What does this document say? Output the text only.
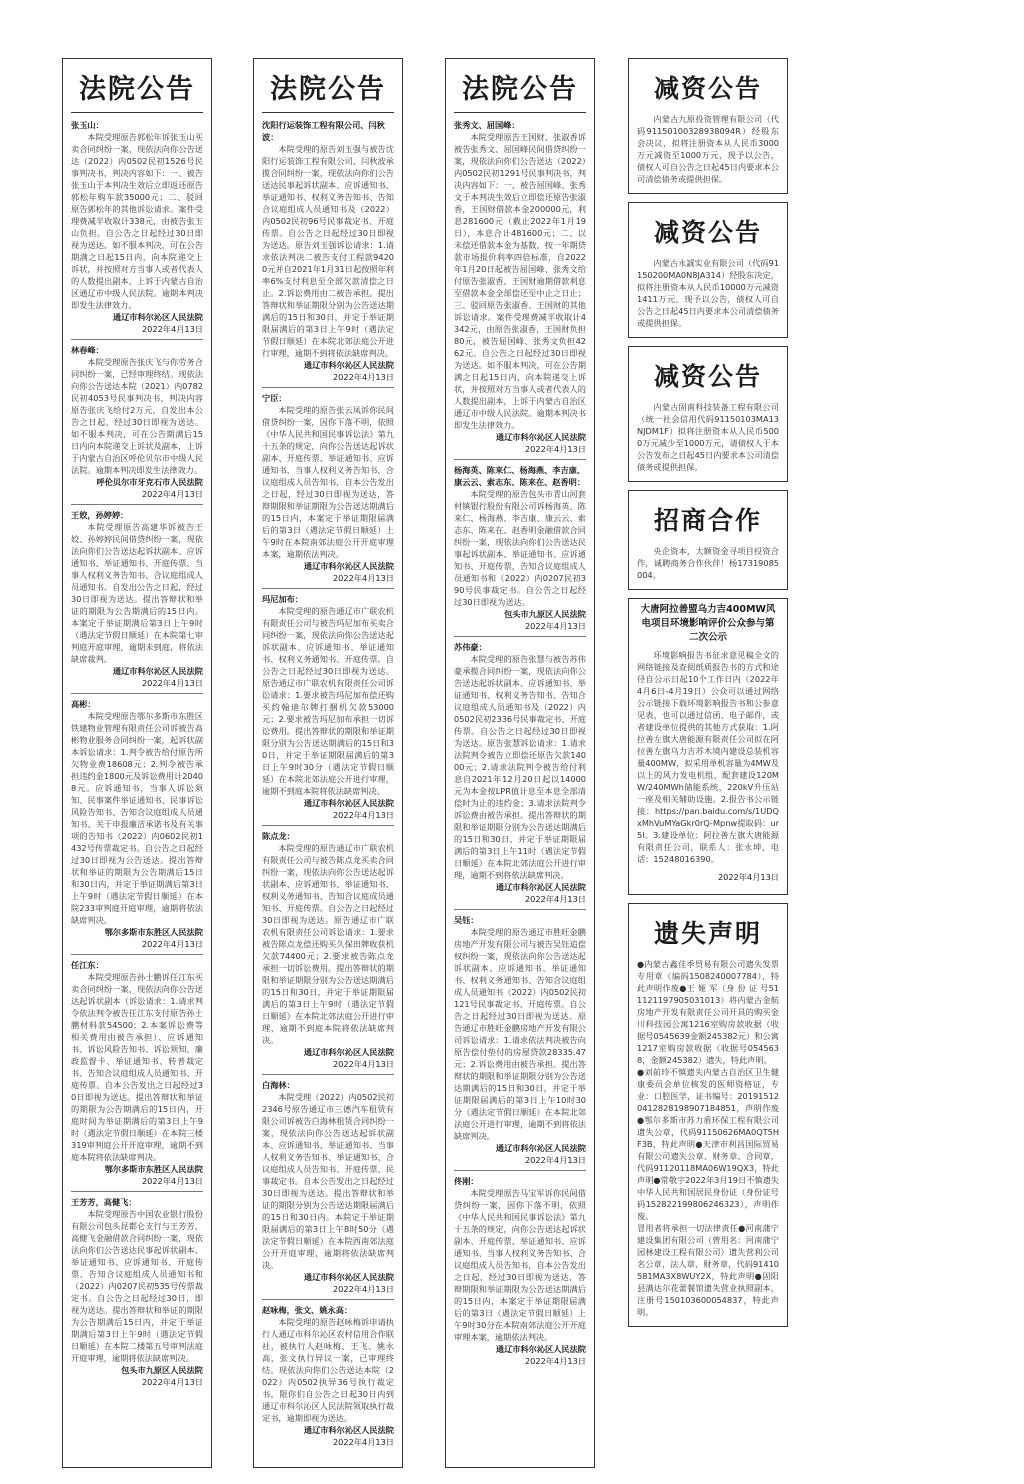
法院公告
张玉山：
本院受理原告郭松年诉张玉山买卖合同纠纷一案，现依法向你公告送达（2022）内0502民初1526号民事判决书，判决内容如下：一、被告张玉山于本判决生效后立即返还原告郭松年购车款35000元；二、驳回原告郭松年的其他诉讼请求。案件受理费减半收取计338元，由被告张玉山负担。自公告之日起经过30日即视为送达。如不服本判决，可在公告期满之日起15日内，向本院递交上诉状，并按照对方当事人或者代表人的人数提出副本，上诉于内蒙古自治区通辽市中级人民法院。逾期本判决即发生法律效力。
通辽市科尔沁区人民法院
2022年4月13日
林春峰：
本院受理原告张庆飞与你劳务合同纠纷一案，已经审理终结。现依法向你公告送达本院（2021）内0782民初4053号民事判决书，判决内容原告张庆飞给付2万元，自发出本公告之日起，经过30日即视为送达。如不服本判决，可在公告期满后15日内向本院递交上诉状及副本，上诉于内蒙古自治区呼伦贝尔市中级人民法院。逾期本判决即发生法律效力。
呼伦贝尔市牙克石市人民法院
2022年4月13日
王姣，孙婷婷：
本院受理原告高建华诉被告王姣、孙婷婷民间借贷纠纷一案，现依法向你们公告送达起诉状副本、应诉通知书、举证通知书、开庭传票、当事人权利义务告知书、合议庭组成人员通知书。自发出公告之日起，经过30日即视为送达。提出答辩状和举证的期限为公告期满后的15日内。本案定于举证期满后第3日上午9时（遇法定节假日顺延）在本院第七审判庭开庭审理，逾期未到庭，将依法缺席裁判。
通辽市科尔沁区人民法院
2022年4月13日
高彬：
本院受理原告鄂尔多斯市东胜区铁建物业管理有限责任公司诉被告高彬物业服务合同纠纷一案，起诉状副本诉讼请求：1.判令被告给付原告所欠物业费18608元；2.判令被告承担违约金1800元及诉讼费用计20408元。应诉通知书，当事人诉讼须知、民事案件举证通知书、民事诉讼风险告知书、告知合议庭组成人员通知书、关于申报廉洁承诺书及有关事项的告知书（2022）内0602民初1432号传票裁定书。自公告之日起经过30日即视为公告送达。提出答辩状和举证的期限为公告期满后15日和30日内，并定于举证期满后第3日上午9时（遇法定节假日顺延）在本院233审判庭开庭审理，逾期将依法缺席判决。
鄂尔多斯市东胜区人民法院
2022年4月13日
任江东：
本院受理原告孙士鹏诉任江东买卖合同纠纷一案，现依法向你公告送达起诉状副本（诉讼请求：1.请求判令依法判令被告任江东支付原告孙士鹏材料款54500；2.本案诉讼费等相关费用由被告承担）、应诉通知书、诉讼风险告知书、诉讼须知、廉政监督卡、举证通知书、转普裁定书、告知合议庭组成人员通知书、开庭传票。自本公告发出之日起经过30日即视为送达。提出答辩状和举证的期限为公告期满后的15日内，开庭时间为举证期满后的第3日上午9时（遇法定节假日顺延）在本院三楼319审判庭公开开庭审理，逾期不到庭本院将依法缺席判决。
鄂尔多斯市东胜区人民法院
2022年4月13日
王芳芳，高健飞：
本院受理原告中国农业银行股份有限公司包头昆都仑支行与王芳芳、高健飞金融借款合同纠纷一案，现依法向你们公告送达民事起诉状副本、举证通知书、应诉通知书、开庭传票、告知合议庭组成人员通知书和（2022）内0207民初535号传票裁定书。自公告之日起经过30日，即视为送达。提出答辩状和举证的期限为公告期满后15日内，并定于举证期满后第3日上午9时（遇法定节假日顺延）在本院二楼第五号审判法庭开庭审理，逾期将依法缺席判决。
包头市九原区人民法院
2022年4月13日
法院公告
沈阳行运装饰工程有限公司、闫秋波：
本院受理的原告刘玉强与被告沈阳行运装饰工程有限公司、闫秋波承揽合同纠纷一案，现依法向你们公告送达民事起诉状副本、应诉通知书、举证通知书、权利义务告知书、告知合议庭组成人员通知书及（2022）内0502民初96号民事裁定书、开庭传票。自公告之日起经过30日即视为送达。原告刘玉强诉讼请求：1.请求依法判决二被告支付工程款94200元并自2021年1月31日起按照年利率6%支付利息至全部欠款清偿之日止。2.诉讼费用由二被告承担。提出答辩状和举证期限分别为公告送达期满后的15日和30日，并定于举证期限届满后的第3日上午9时（遇法定节假日顺延）在本院北郊法庭公开进行审理，逾期不到将依法缺席判决。
通辽市科尔沁区人民法院
2022年4月13日
宁臣：
本院受理的原告张云凤诉你民间借贷纠纷一案，因你下落不明，依照《中华人民共和国民事诉讼法》第九十五条的规定，向你公告送达起诉状副本、开庭传票、举证通知书、应诉通知书、当事人权利义务告知书、合议庭组成人员告知书，自本公告发出之日起，经过30日即视为送达，答辩期限和举证期限为公告送达期满后的15日内，本案定于举证期限届满后的第3日（遇法定节假日顺延）上午9时在本院南郊法庭公开开庭审理本案，逾期依法判决。
通辽市科尔沁区人民法院
2022年4月13日
玛尼加布：
本院受理的原告通辽市广联农机有限责任公司与被告玛尼加布买卖合同纠纷一案，现依法向你公告送达起诉状副本、应诉通知书、举证通知书、权利义务通知书、开庭传票。自公告之日起经过30日即视为送达。原告通辽市广联农机有限责任公司诉讼请求：1.要求被告玛尼加布偿还购买约翰迪尔牌打捆机欠款53000元；2.要求被告玛尼加布承担一切诉讼费用。提出答辩状的期限和举证期限分别为公告送达期满后的15日和30日，并定于举证期限届满后的第3日上午9时30分（遇法定节假日顺延）在本院北郊法庭公开进行审理，逾期不到庭本院将依法缺席判决。
通辽市科尔沁区人民法院
2022年4月13日
陈点龙：
本院受理的原告通辽市广联农机有限责任公司与被告陈点龙买卖合同纠纷一案，现依法向你公告送达起诉状副本、应诉通知书、举证通知书、权利义务通知书、告知合议庭成员通知书、开庭传票。自公告之日起经过30日即视为送达。原告通辽市广联农机有限责任公司诉讼请求：1.要求被告陈点龙偿还购买久保田牌收获机欠款74400元；2.要求被告陈点龙承担一切诉讼费用。提出答辩状的期限和举证期限分别为公告送达期满后的15日和30日，并定于举证期限届满后的第3日上午9时（遇法定节假日顺延）在本院北郊法庭公开进行审理，逾期不到庭本院将依法缺席判决。
通辽市科尔沁区人民法院
2022年4月13日
白海林：
本院受理（2022）内0502民初2346号原告通辽市三德汽车租赁有限公司诉被告白海林租赁合同纠纷一案，现依法向你公告送达起诉状副本、应诉通知书、举证通知书、当事人权利义务告知书、举证通知书、合议庭组成人员告知书、开庭传票、民事裁定书。自本公告发出之日起经过30日即视为送达。提出答辩状和举证的期限分别为公告送达期限届满后的15日和30日内。本院定于举证期限届满后的第3日上午8时50分（遇法定节假日顺延）在本院西南郊法庭公开开庭审理，逾期将依法缺席判决。
通辽市科尔沁区人民法院
2022年4月13日
赵咏梅，张文、姚永高：
本院受理的原告赵咏梅诉申请执行人通辽市科尔沁区农村信用合作联社，被执行人赵咏梅、王飞、姚永高，张文执行异议一案，已审理终结。现依法向你们公告送达本院（2022）内0502执异36号执行裁定书，限你们自公告之日起30日内到通辽市科尔沁区人民法院领取执行裁定书，逾期即视为送达。
通辽市科尔沁区人民法院
2022年4月13日
法院公告
张秀文、屈国峰：
本院受理原告王国财、张淑香诉被告张秀文、屈国峰民间借贷纠纷一案，现依法向你们公告送达（2022）内0502民初1291号民事判决书，判决内容如下：一、被告屈国峰、张秀文于本判决生效后立即偿还原告张淑香，王国财借款本金200000元，利息281600元（截止2022年1月19日），本息合计481600元；二、以未偿还借款本金为基数，按一年期贷款市场报价利率四倍标准，自2022年1月20日起被告屈国峰、张秀文给付原告张淑香、王国财逾期借款利息至借款本金全部偿还至中止之日止；三、驳回原告张淑香、王国财的其他诉讼请求。案件受理费减半收取计4342元，由原告张淑香，王国财负担80元，被告屈国峰、张秀文负担4262元。自公告之日起经过30日即视为送达。如不服本判决，可在公告期满之日起15日内，向本院递交上诉状，并按照对方当事人或者代表人的人数提出副本，上诉于内蒙古自治区通辽市中级人民法院。逾期本判决书即发生法律效力。
通辽市科尔沁区人民法院
2022年4月13日
杨海英、陈来仁、杨海燕、李吉康、康云云、索志东、陈来在、赵香明：
本院受理的原告包头市青山河套村镇银行股份有限公司诉杨海英、陈来仁、杨海燕、李吉康、康云云、索志东、陈来在、赵香明金融借款合同纠纷一案，现依法向你们公告送达民事起诉状副本、举证通知书、应诉通知书、开庭传票，告知合议庭组成人员通知书和（2022）内0207民初390号民事裁定书。自公告之日起经过30日即视为送达。
包头市九原区人民法院
2022年4月13日
苏伟豪：
本院受理的原告张慧与被告苏伟豪承揽合同纠纷一案，现依法向你公告送达起诉状副本、应诉通知书、举证通知书、权利义务告知书、告知合议庭组成人员通知书及（2022）内0502民初2336号民事裁定书、开庭传票。自公告之日起经过30日即视为送达。原告张慧诉讼请求：1.请求法院判令被告立即偿还原告欠款14000元；2.请求法院判令被告给付利息自2021年12月20日起以14000元为本金按LPR值计息至本息全部清偿时为止的违约金；3.请求法院判令诉讼费由被告承担。提出答辩状的期限和举证期限分别为公告送达期满后的15日和30日，并定于举证期限届满后的第3日上午11时（遇法定节假日顺延）在本院北郊法庭公开进行审理，逾期不到将依法缺席判决。
通辽市科尔沁区人民法院
2022年4月13日
吴钰：
本院受理的原告通辽市胜旺金鹏房地产开发有限公司与被告吴钰追偿权纠纷一案，现依法向你公告送达起诉状副本、应诉通知书、举证通知书、权利义务通知书、告知合议庭组成人员通知书（2022）内0502民初121号民事裁定书、开庭传票。自公告之日起经过30日即视为送达。原告通辽市胜旺金鹏房地产开发有限公司诉讼请求：1.请求依法判决被告向原告偿付垫付的房屋贷款28335.47元；2.诉讼费用由被告承担。提出答辩状的期限和举证期限分别为公告送达期满后的15日和30日，并定于举证期限届满后的第3日上午10时30分（遇法定节假日顺延）在本院北郊法庭公开进行审理，逾期不到将依法缺席判决。
通辽市科尔沁区人民法院
2022年4月13日
佟刚：
本院受理原告马宝军诉你民间借贷纠纷一案，因你下落不明，依照《中华人民共和国民事诉讼法》第九十五条的规定，向你公告送达起诉状副本、开庭传票、举证通知书、应诉通知书、当事人权利义务告知书、合议庭组成人员告知书，自本公告发出之日起，经过30日即视为送达，答辩期限和举证期限为公告送达期满后的15日内，本案定于举证期限届满后的第3日（遇法定节假日顺延）上午9时30分在本院南郊法庭公开开庭审理本案，逾期依法判决。
通辽市科尔沁区人民法院
2022年4月13日
减资公告
内蒙古九原投资管理有限公司（代码91150100328938094R）经股东会决议，拟将注册资本从人民币3000万元减资至1000万元，现予以公告，债权人可自公告之日起45日内要求本公司清偿债务或提供担保。
减资公告
内蒙古永誠实业有限公司（代码91150200MA0N8JA314）经股东决定，拟将注册资本从人民币10000万元减资1411万元，现予以公告，债权人可自公告之日起45日内要求本公司清偿债务或提供担保。
减资公告
内蒙古固南科技装备工程有限公司（统一社会信用代码91150103MA13NJDM1F）拟将注册资本从人民币5000万元减少至1000万元，请债权人于本公告发布之日起45日内要求本公司清偿债务或提供担保。
招商合作
央企资本，大额资金寻项目投资合作，诚聘商务合作伙伴！杨17319085004。
大唐阿拉善盟乌力吉400MW风电项目环境影响评价公众参与第二次公示
环境影响报告书征求意见稿全文的网络链接及查阅纸质报告书的方式和途径自公示日起10个工作日内（2022年4月6日-4月19日）公众可以通过网络公示链接下载环境影响报告书和公参意见表，也可以通过信函、电子邮件，或者建设单位提供的其他方式获取：1.阿拉善左旗大唐能源有限责任公司拟在阿拉善左旗乌力吉苏木境内建设总装机容量400MW，拟采用单机容量为4MW及以上的风力发电机组，配套建设120MW/240MWh储能系统、220kV升压站一座及相关辅助设施。2.报告书公示链接：https://pan.baidu.com/s/1UDQxMhVuMYaGkr0rQ-Mpnw提取码：ur5l。3.建设单位：阿拉善左旗大唐能源有限责任公司，联系人：张永坤，电话：15248016390。
2022年4月13日
遗失声明
●内蒙古鑫佳季贸易有限公司遗失发票专用章（编码1508240007784），特此声明作废●王 娅 军（身 份 证 号511121197905031013）将内蒙古金航房地产开发有限责任公司开具的购买金川科技园公寓1216室购房款收据（收据号0545639金额245382元）和公寓1217室购房款收据（收据号0545638，金额245382）遗失，特此声明。
●刘前玲不慎遗失内蒙古自治区卫生健康委员会单位核发的医师资格证，专业：口腔医学，证书编号：2019151204128281989071848​51，声明作废●鄂尔多斯市苏力盾环保工程有限公司遗失公章，代码91150626MA0QT5HF3B，特此声明●天津市利昌国际贸易有限公司遗失公章、财务章、合同章，代码91120118MA06W19QX3，特此声明●常敬宇2022年3月19日不慎遗失中华人民共和国居民身份证（身份证号码152822199806246323），声明作废。
冒用者将承担一切法律责任●河南蒲宁建设集团有限公司（曾用名：河南蒲宁园林建设工程有限公司）遗失营利公司名公章，法人章，财务章，代码91410581MA3X8WUY2X，特此声明●固阳县满达尔花蕾餐馆遗失营业执照副本，注册号150103600054837，特此声明。
